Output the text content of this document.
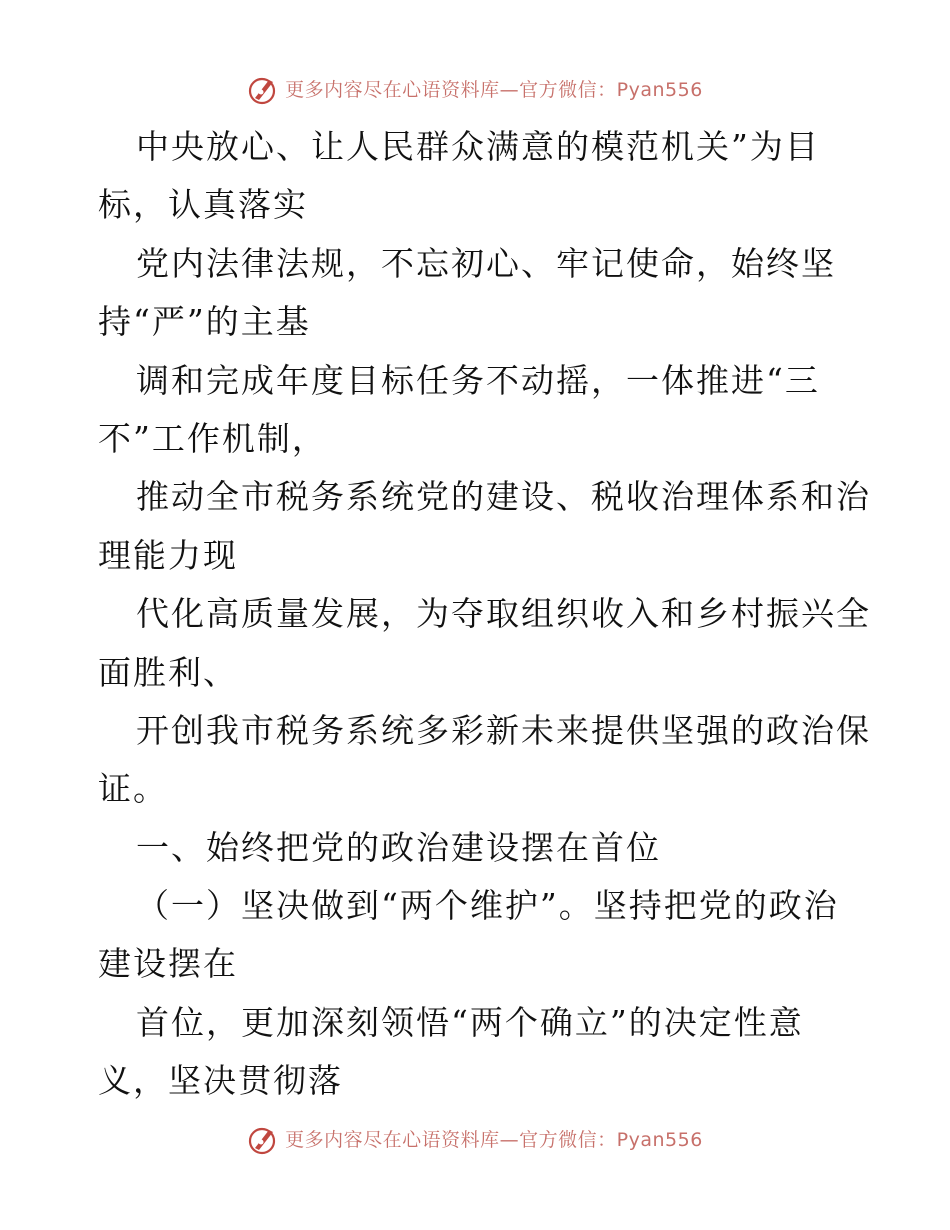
更多内容尽在心语资料库—官方微信：Pyan556
中央放心、让人民群众满意的模范机关”为目
标，认真落实
党内法律法规，不忘初心、牢记使命，始终坚
持“严”的主基
调和完成年度目标任务不动摇，一体推进“三
不”工作机制，
推动全市税务系统党的建设、税收治理体系和治
理能力现
代化高质量发展，为夺取组织收入和乡村振兴全
面胜利、
开创我市税务系统多彩新未来提供坚强的政治保
证。
一、始终把党的政治建设摆在首位
（一）坚决做到“两个维护”。坚持把党的政治
建设摆在
首位，更加深刻领悟“两个确立”的决定性意
义，坚决贯彻落
更多内容尽在心语资料库—官方微信：Pyan556
